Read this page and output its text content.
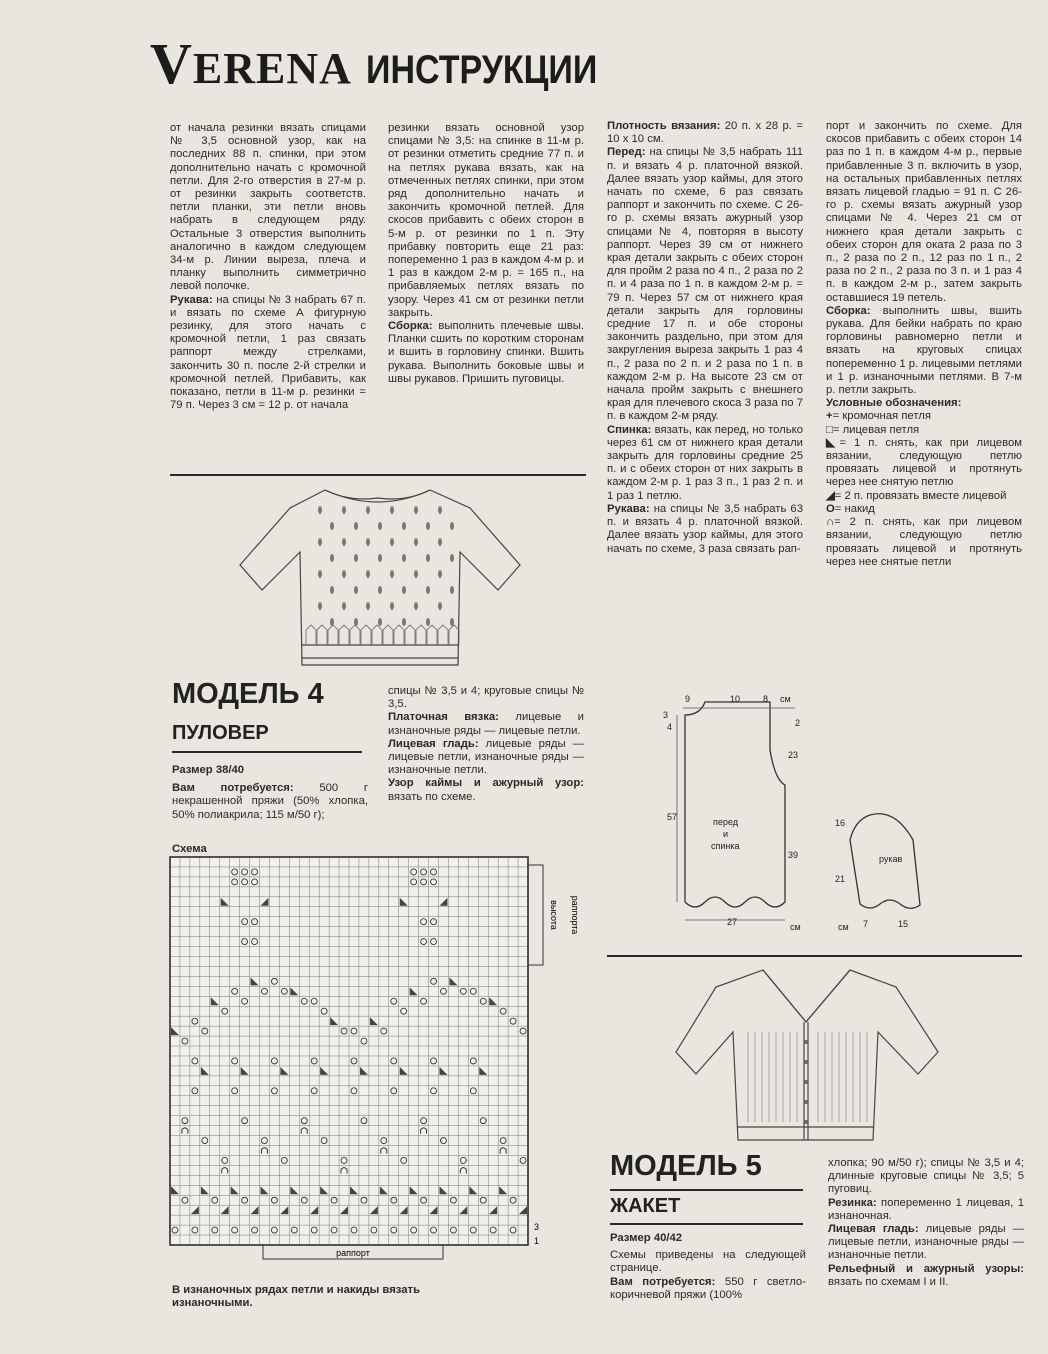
VERENA ИНСТРУКЦИИ

от начала резинки вязать спицами № 3,5 основной узор, как на последних 88 п. спинки, при этом дополнительно начать с кромочной петли. Для 2-го отверстия в 27-м р. от резинки закрыть соответств. петли планки, эти петли вновь набрать в следующем ряду. Остальные 3 отверстия выполнить аналогично в каждом следующем 34-м р. Линии выреза, плеча и планку выполнить симметрично левой полочке.

Рукава: на спицы № 3 набрать 67 п. и вязать по схеме А фигурную резинку, для этого начать с кромочной петли, 1 раз связать раппорт между стрелками, закончить 30 п. после 2-й стрелки и кромочной петлей. Прибавить, как показано, петли в 11-м р. резинки = 79 п. Через 3 см = 12 р. от начала

резинки вязать основной узор спицами № 3,5: на спинке в 11-м р. от резинки отметить средние 77 п. и на петлях рукава вязать, как на отмеченных петлях спинки, при этом ряд дополнительно начать и закончить кромочной петлей. Для скосов прибавить с обеих сторон в 5-м р. от резинки по 1 п. Эту прибавку повторить еще 21 раз: попеременно 1 раз в каждом 4-м р. и 1 раз в каждом 2-м р. = 165 п., на прибавляемых петлях вязать по узору. Через 41 см от резинки петли закрыть.

Сборка: выполнить плечевые швы. Планки сшить по коротким сторонам и вшить в горловину спинки. Вшить рукава. Выполнить боковые швы и швы рукавов. Пришить пуговицы.

Плотность вязания: 20 п. х 28 р. = 10 х 10 см.

Перед: на спицы № 3,5 набрать 111 п. и вязать 4 р. платочной вязкой. Далее вязать узор каймы, для этого начать по схеме, 6 раз связать раппорт и закончить по схеме. С 26-го р. схемы вязать ажурный узор спицами № 4, повторяя в высоту раппорт. Через 39 см от нижнего края детали закрыть с обеих сторон для пройм 2 раза по 4 п., 2 раза по 2 п. и 4 раза по 1 п. в каждом 2-м р. = 79 п. Через 57 см от нижнего края детали закрыть для горловины средние 17 п. и обе стороны закончить раздельно, при этом для закругления выреза закрыть 1 раз 4 п., 2 раза по 2 п. и 2 раза по 1 п. в каждом 2-м р. На высоте 23 см от начала пройм закрыть с внешнего края для плечевого скоса 3 раза по 7 п. в каждом 2-м ряду.

Спинка: вязать, как перед, но только через 61 см от нижнего края детали закрыть для горловины средние 25 п. и с обеих сторон от них закрыть в каждом 2-м р. 1 раз 3 п., 1 раз 2 п. и 1 раз 1 петлю.

Рукава: на спицы № 3,5 набрать 63 п. и вязать 4 р. платочной вязкой. Далее вязать узор каймы, для этого начать по схеме, 3 раза связать рап-

порт и закончить по схеме. Для скосов прибавить с обеих сторон 14 раз по 1 п. в каждом 4-м р., первые прибавленные 3 п. включить в узор, на остальных прибавленных петлях вязать лицевой гладью = 91 п. С 26-го р. схемы вязать ажурный узор спицами № 4. Через 21 см от нижнего края детали закрыть с обеих сторон для оката 2 раза по 3 п., 2 раза по 2 п., 12 раз по 1 п., 2 раза по 2 п., 2 раза по 3 п. и 1 раз 4 п. в каждом 2-м р., затем закрыть оставшиеся 19 петель.

Сборка: выполнить швы, вшить рукава. Для бейки набрать по краю горловины равномерно петли и вязать на круговых спицах попеременно 1 р. лицевыми петлями и 1 р. изнаночными петлями. В 7-м р. петли закрыть.

Условные обозначения:

+= кромочная петля

□= лицевая петля

◣= 1 п. снять, как при лицевом вязании, следующую петлю провязать лицевой и протянуть через нее снятую петлю

◢= 2 п. провязать вместе лицевой

O= накид

∩= 2 п. снять, как при лицевом вязании, следующую петлю провязать лицевой и протянуть через нее снятые петли

МОДЕЛЬ 4
ПУЛОВЕР

Размер 38/40

Вам потребуется: 500 г некрашенной пряжи (50% хлопка, 50% полиакрила; 115 м/50 г);

спицы № 3,5 и 4; круговые спицы № 3,5.

Платочная вязка: лицевые и изнаночные ряды — лицевые петли.

Лицевая гладь: лицевые ряды — лицевые петли, изнаночные ряды — изнаночные петли.

Узор каймы и ажурный узор: вязать по схеме.

Схема
высота раппорта
3
1
раппорт
В изнаночных рядах петли и накиды вязать изнаночными.
9	10	8 см
3
4	2
23
57
39
27	см
перед
и
спинка
16
21
рукав
7	15
см
МОДЕЛЬ 5
ЖАКЕТ

Размер 40/42

Схемы приведены на следующей странице.

Вам потребуется: 550 г светло-коричневой пряжи (100%

хлопка; 90 м/50 г); спицы № 3,5 и 4; длинные круговые спицы № 3,5; 5 пуговиц.

Резинка: попеременно 1 лицевая, 1 изнаночная.

Лицевая гладь: лицевые ряды — лицевые петли, изнаночные ряды — изнаночные петли.

Рельефный и ажурный узоры: вязать по схемам I и II.
